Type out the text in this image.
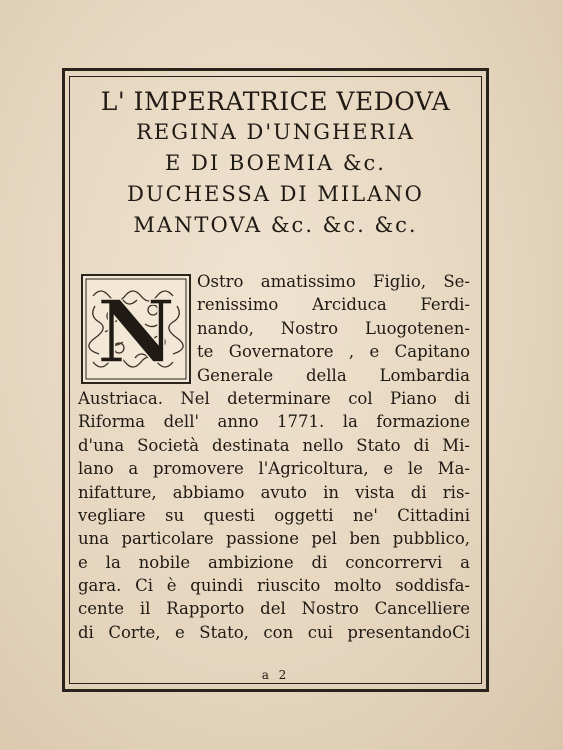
L' IMPERATRICE VEDOVA
REGINA D'UNGHERIA
E DI BOEMIA &c.
DUCHESSA DI MILANO
MANTOVA &c. &c. &c.
N
Ostro amatissimo Figlio, Se-
renissimo Arciduca Ferdi-
nando, Nostro Luogotenen-
te Governatore , e Capitano
Generale della Lombardia
Austriaca. Nel determinare col Piano di
Riforma dell' anno 1771. la formazione
d'una Società destinata nello Stato di Mi-
lano a promovere l'Agricoltura, e le Ma-
nifatture, abbiamo avuto in vista di ris-
vegliare su questi oggetti ne' Cittadini
una particolare passione pel ben pubblico,
e la nobile ambizione di concorrervi a
gara. Ci è quindi riuscito molto soddisfa-
cente il Rapporto del Nostro Cancelliere
di Corte, e Stato, con cui presentandoCi
a 2
